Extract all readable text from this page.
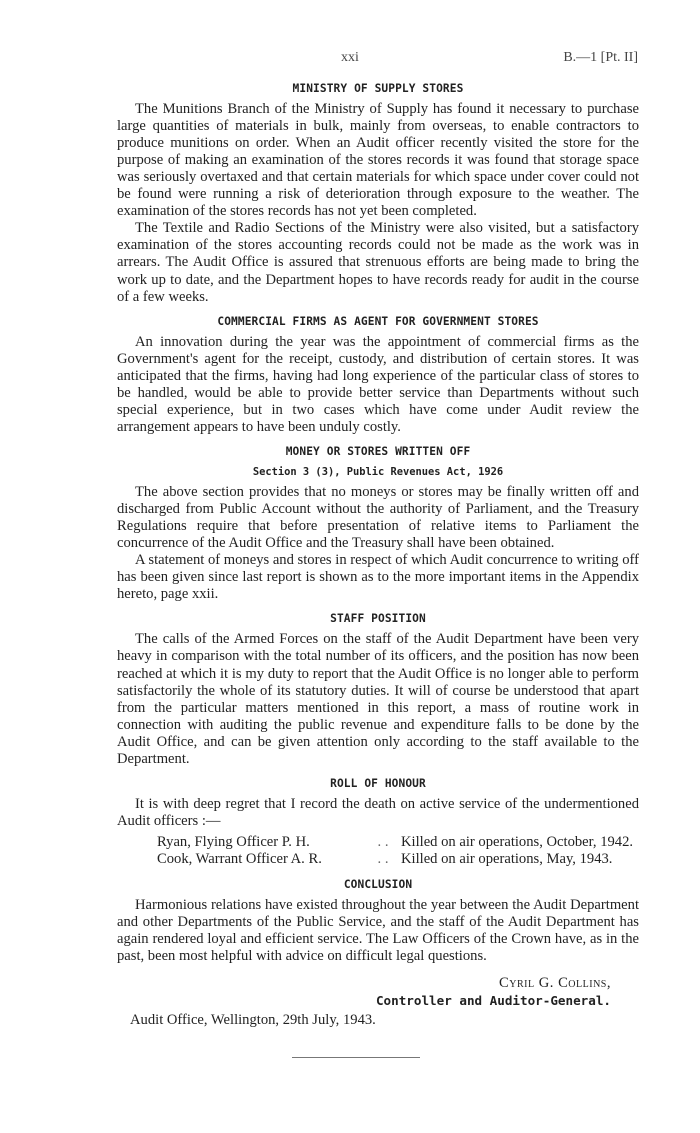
xxi	B.—1 [Pt. II]
MINISTRY OF SUPPLY STORES

The Munitions Branch of the Ministry of Supply has found it necessary to purchase large quantities of materials in bulk, mainly from overseas, to enable contractors to produce munitions on order. When an Audit officer recently visited the store for the purpose of making an examination of the stores records it was found that storage space was seriously overtaxed and that certain materials for which space under cover could not be found were running a risk of deterioration through exposure to the weather. The examination of the stores records has not yet been completed.

The Textile and Radio Sections of the Ministry were also visited, but a satisfactory examination of the stores accounting records could not be made as the work was in arrears. The Audit Office is assured that strenuous efforts are being made to bring the work up to date, and the Department hopes to have records ready for audit in the course of a few weeks.

COMMERCIAL FIRMS AS AGENT FOR GOVERNMENT STORES

An innovation during the year was the appointment of commercial firms as the Government's agent for the receipt, custody, and distribution of certain stores. It was anticipated that the firms, having had long experience of the particular class of stores to be handled, would be able to provide better service than Departments without such special experience, but in two cases which have come under Audit review the arrangement appears to have been unduly costly.

MONEY OR STORES WRITTEN OFF
Section 3 (3), Public Revenues Act, 1926

The above section provides that no moneys or stores may be finally written off and discharged from Public Account without the authority of Parliament, and the Treasury Regulations require that before presentation of relative items to Parliament the concurrence of the Audit Office and the Treasury shall have been obtained.

A statement of moneys and stores in respect of which Audit concurrence to writing off has been given since last report is shown as to the more important items in the Appendix hereto, page xxii.

STAFF POSITION

The calls of the Armed Forces on the staff of the Audit Department have been very heavy in comparison with the total number of its officers, and the position has now been reached at which it is my duty to report that the Audit Office is no longer able to perform satisfactorily the whole of its statutory duties. It will of course be understood that apart from the particular matters mentioned in this report, a mass of routine work in connection with auditing the public revenue and expenditure falls to be done by the Audit Office, and can be given attention only according to the staff available to the Department.

ROLL OF HONOUR

It is with deep regret that I record the death on active service of the undermentioned Audit officers :—

Ryan, Flying Officer P. H.	. . Killed on air operations, October, 1942.
Cook, Warrant Officer A. R.	. . Killed on air operations, May, 1943.
CONCLUSION

Harmonious relations have existed throughout the year between the Audit Department and other Departments of the Public Service, and the staff of the Audit Department has again rendered loyal and efficient service. The Law Officers of the Crown have, as in the past, been most helpful with advice on difficult legal questions.

Cyril G. Collins,
Controller and Auditor-General.
Audit Office, Wellington, 29th July, 1943.
